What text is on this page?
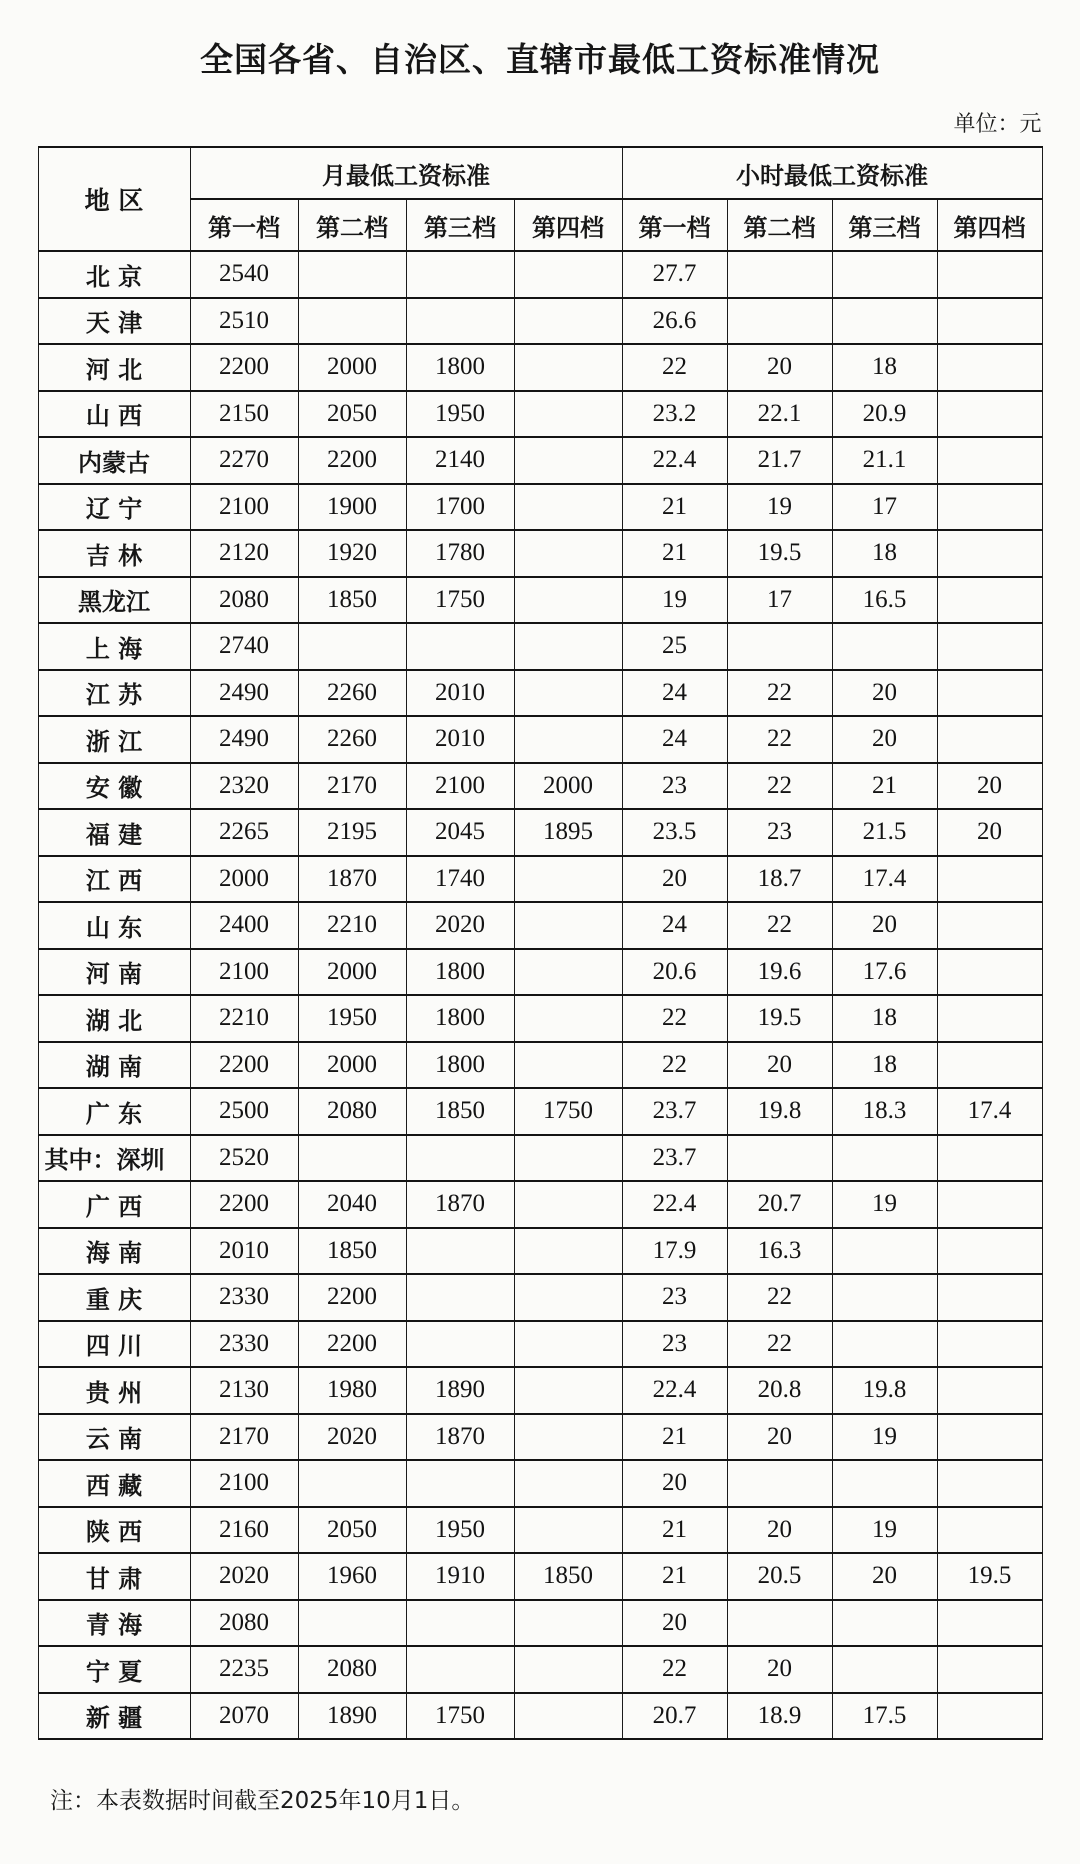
全国各省、自治区、直辖市最低工资标准情况
单位：元
地 区	月最低工资标准				小时最低工资标准			
	第一档	第二档	第三档	第四档	第一档	第二档	第三档	第四档
北 京	2540				27.7			
天 津	2510				26.6			
河 北	2200	2000	1800		22	20	18	
山 西	2150	2050	1950		23.2	22.1	20.9	
内蒙古	2270	2200	2140		22.4	21.7	21.1	
辽 宁	2100	1900	1700		21	19	17	
吉 林	2120	1920	1780		21	19.5	18	
黑龙江	2080	1850	1750		19	17	16.5	
上 海	2740				25			
江 苏	2490	2260	2010		24	22	20	
浙 江	2490	2260	2010		24	22	20	
安 徽	2320	2170	2100	2000	23	22	21	20
福 建	2265	2195	2045	1895	23.5	23	21.5	20
江 西	2000	1870	1740		20	18.7	17.4	
山 东	2400	2210	2020		24	22	20	
河 南	2100	2000	1800		20.6	19.6	17.6	
湖 北	2210	1950	1800		22	19.5	18	
湖 南	2200	2000	1800		22	20	18	
广 东	2500	2080	1850	1750	23.7	19.8	18.3	17.4
其中：深圳	2520				23.7			
广 西	2200	2040	1870		22.4	20.7	19	
海 南	2010	1850			17.9	16.3		
重 庆	2330	2200			23	22		
四 川	2330	2200			23	22		
贵 州	2130	1980	1890		22.4	20.8	19.8	
云 南	2170	2020	1870		21	20	19	
西 藏	2100				20			
陕 西	2160	2050	1950		21	20	19	
甘 肃	2020	1960	1910	1850	21	20.5	20	19.5
青 海	2080				20			
宁 夏	2235	2080			22	20		
新 疆	2070	1890	1750		20.7	18.9	17.5	
注：本表数据时间截至2025年10月1日。
